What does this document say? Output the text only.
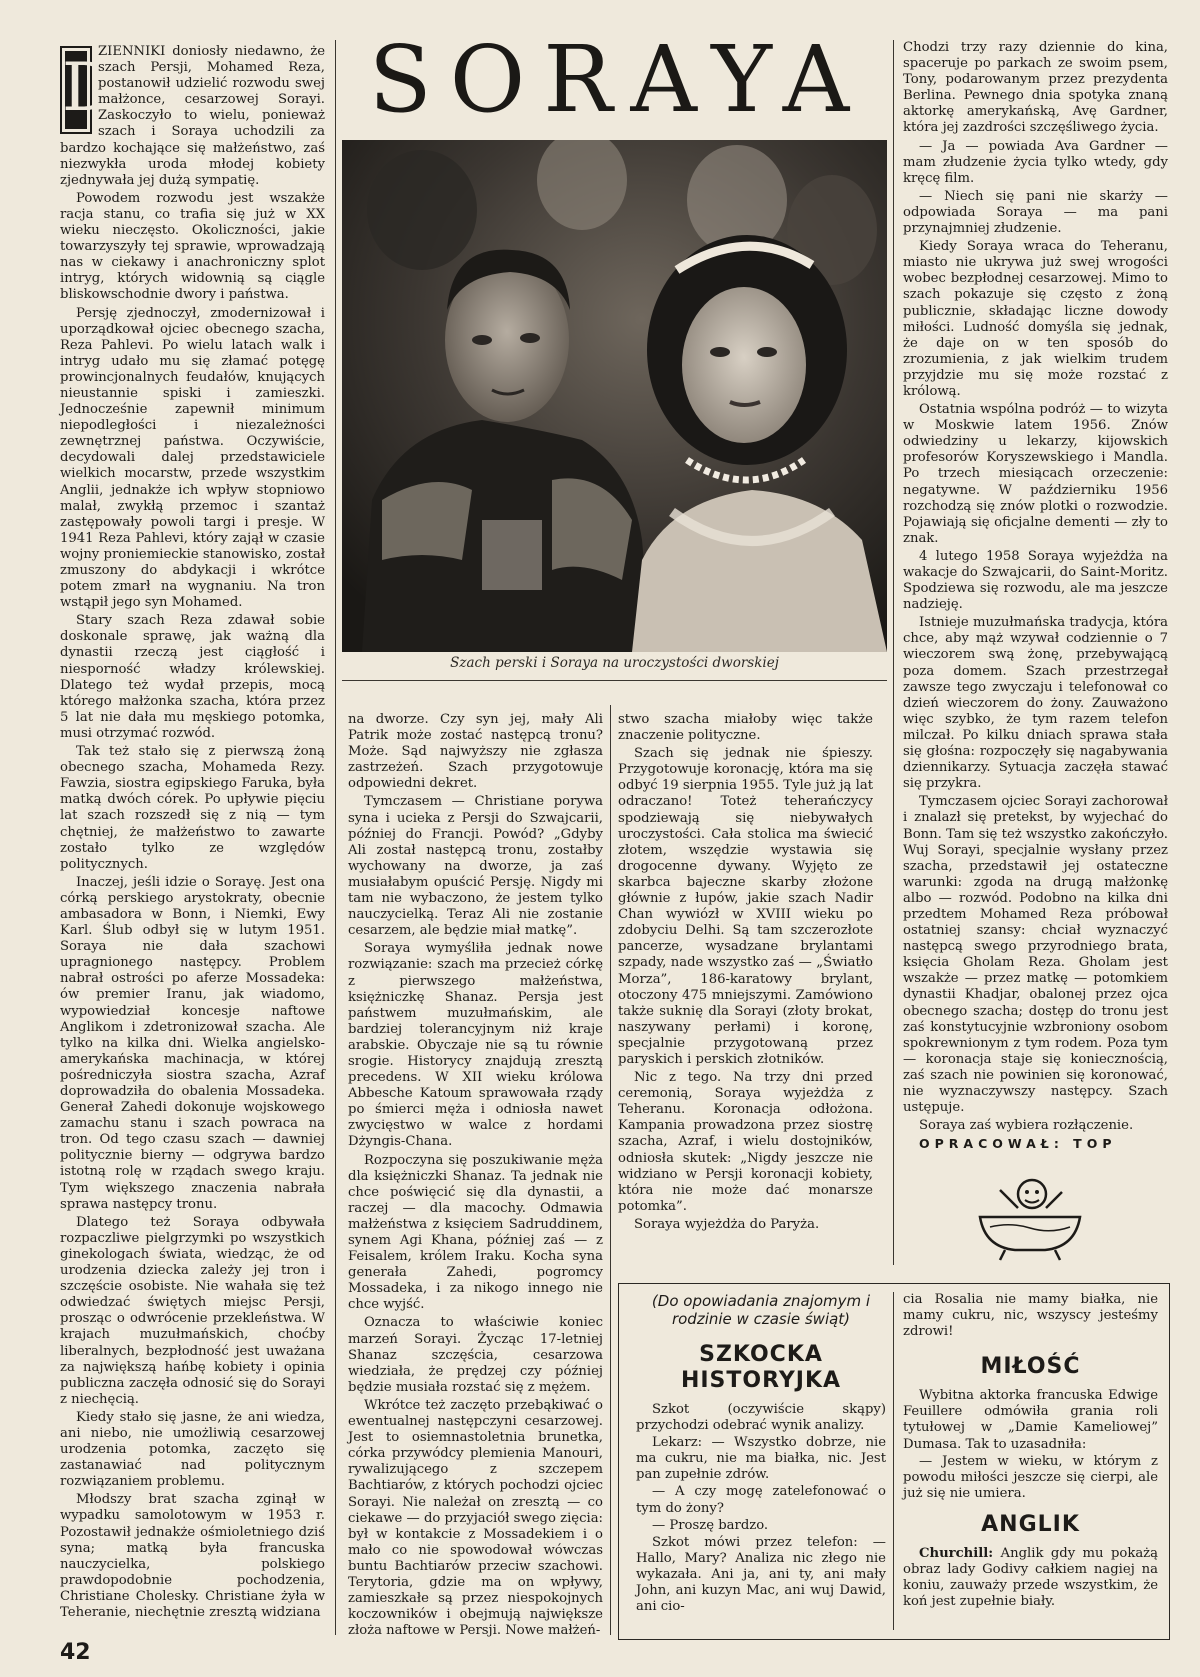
D

ZIENNIKI doniosły niedawno, że szach Persji, Mohamed Reza, postanowił udzielić rozwodu swej małżonce, cesarzowej Sorayi. Zaskoczyło to wielu, ponieważ szach i Soraya uchodzili za bardzo kochające się małżeństwo, zaś niezwykła uroda młodej kobiety zjednywała jej dużą sympatię.

Powodem rozwodu jest wszakże racja stanu, co trafia się już w XX wieku nieczęsto. Okoliczności, jakie towarzyszyły tej sprawie, wprowadzają nas w ciekawy i anachroniczny splot intryg, których widownią są ciągle bliskowschodnie dwory i państwa.

Persję zjednoczył, zmodernizował i uporządkował ojciec obecnego szacha, Reza Pahlevi. Po wielu latach walk i intryg udało mu się złamać potęgę prowincjonalnych feudałów, knujących nieustannie spiski i zamieszki. Jednocześnie zapewnił minimum niepodległości i niezależności zewnętrznej państwa. Oczywiście, decydowali dalej przedstawiciele wielkich mocarstw, przede wszystkim Anglii, jednakże ich wpływ stopniowo malał, zwykłą przemoc i szantaż zastępowały powoli targi i presje. W 1941 Reza Pahlevi, który zajął w czasie wojny proniemieckie stanowisko, został zmuszony do abdykacji i wkrótce potem zmarł na wygnaniu. Na tron wstąpił jego syn Mohamed.

Stary szach Reza zdawał sobie doskonale sprawę, jak ważną dla dynastii rzeczą jest ciągłość i niesporność władzy królewskiej. Dlatego też wydał przepis, mocą którego małżonka szacha, która przez 5 lat nie dała mu męskiego potomka, musi otrzymać rozwód.

Tak też stało się z pierwszą żoną obecnego szacha, Mohameda Rezy. Fawzia, siostra egipskiego Faruka, była matką dwóch córek. Po upływie pięciu lat szach rozszedł się z nią — tym chętniej, że małżeństwo to zawarte zostało tylko ze względów politycznych.

Inaczej, jeśli idzie o Sorayę. Jest ona córką perskiego arystokraty, obecnie ambasadora w Bonn, i Niemki, Ewy Karl. Ślub odbył się w lutym 1951. Soraya nie dała szachowi upragnionego następcy. Problem nabrał ostrości po aferze Mossadeka: ów premier Iranu, jak wiadomo, wypowiedział koncesje naftowe Anglikom i zdetronizował szacha. Ale tylko na kilka dni. Wielka angielsko-amerykańska machinacja, w której pośredniczyła siostra szacha, Azraf doprowadziła do obalenia Mossadeka. Generał Zahedi dokonuje wojskowego zamachu stanu i szach powraca na tron. Od tego czasu szach — dawniej politycznie bierny — odgrywa bardzo istotną rolę w rządach swego kraju. Tym większego znaczenia nabrała sprawa następcy tronu.

Dlatego też Soraya odbywała rozpaczliwe pielgrzymki po wszystkich ginekologach świata, wiedząc, że od urodzenia dziecka zależy jej tron i szczęście osobiste. Nie wahała się też odwiedzać świętych miejsc Persji, prosząc o odwrócenie przekleństwa. W krajach muzułmańskich, choćby liberalnych, bezpłodność jest uważana za największą hańbę kobiety i opinia publiczna zaczęła odnosić się do Sorayi z niechęcią.

Kiedy stało się jasne, że ani wiedza, ani niebo, nie umożliwią cesarzowej urodzenia potomka, zaczęto się zastanawiać nad politycznym rozwiązaniem problemu.

Młodszy brat szacha zginął w wypadku samolotowym w 1953 r. Pozostawił jednakże ośmioletniego dziś syna; matką była francuska nauczycielka, polskiego prawdopodobnie pochodzenia, Christiane Cholesky. Christiane żyła w Teheranie, niechętnie zresztą widziana

SORAYA
Szach perski i Soraya na uroczystości dworskiej

na dworze. Czy syn jej, mały Ali Patrik może zostać następcą tronu? Może. Sąd najwyższy nie zgłasza zastrzeżeń. Szach przygotowuje odpowiedni dekret.

Tymczasem — Christiane porywa syna i ucieka z Persji do Szwajcarii, później do Francji. Powód? „Gdyby Ali został następcą tronu, zostałby wychowany na dworze, ja zaś musiałabym opuścić Persję. Nigdy mi tam nie wybaczono, że jestem tylko nauczycielką. Teraz Ali nie zostanie cesarzem, ale będzie miał matkę”.

Soraya wymyśliła jednak nowe rozwiązanie: szach ma przecież córkę z pierwszego małżeństwa, księżniczkę Shanaz. Persja jest państwem muzułmańskim, ale bardziej tolerancyjnym niż kraje arabskie. Obyczaje nie są tu równie srogie. Historycy znajdują zresztą precedens. W XII wieku królowa Abbesche Katoum sprawowała rządy po śmierci męża i odniosła nawet zwycięstwo w walce z hordami Dżyngis-Chana.

Rozpoczyna się poszukiwanie męża dla księżniczki Shanaz. Ta jednak nie chce poświęcić się dla dynastii, a raczej — dla macochy. Odmawia małżeństwa z księciem Sadruddinem, synem Agi Khana, później zaś — z Feisalem, królem Iraku. Kocha syna generała Zahedi, pogromcy Mossadeka, i za nikogo innego nie chce wyjść.

Oznacza to właściwie koniec marzeń Sorayi. Życząc 17-letniej Shanaz szczęścia, cesarzowa wiedziała, że prędzej czy później będzie musiała rozstać się z mężem.

Wkrótce też zaczęto przebąkiwać o ewentualnej następczyni cesarzowej. Jest to osiemnastoletnia brunetka, córka przywódcy plemienia Manouri, rywalizującego z szczepem Bachtiarów, z których pochodzi ojciec Sorayi. Nie należał on zresztą — co ciekawe — do przyjaciół swego zięcia: był w kontakcie z Mossadekiem i o mało co nie spowodował wówczas buntu Bachtiarów przeciw szachowi. Terytoria, gdzie ma on wpływy, zamieszkałe są przez niespokojnych koczowników i obejmują największe złoża naftowe w Persji. Nowe małżeń-

stwo szacha miałoby więc także znaczenie polityczne.

Szach się jednak nie śpieszy. Przygotowuje koronację, która ma się odbyć 19 sierpnia 1955. Tyle już ją lat odraczano! Toteż teherańczycy spodziewają się niebywałych uroczystości. Cała stolica ma świecić złotem, wszędzie wystawia się drogocenne dywany. Wyjęto ze skarbca bajeczne skarby złożone głównie z łupów, jakie szach Nadir Chan wywiózł w XVIII wieku po zdobyciu Delhi. Są tam szczerozłote pancerze, wysadzane brylantami szpady, nade wszystko zaś — „Światło Morza”, 186-karatowy brylant, otoczony 475 mniejszymi. Zamówiono także suknię dla Sorayi (złoty brokat, naszywany perłami) i koronę, specjalnie przygotowaną przez paryskich i perskich złotników.

Nic z tego. Na trzy dni przed ceremonią, Soraya wyjeżdża z Teheranu. Koronacja odłożona. Kampania prowadzona przez siostrę szacha, Azraf, i wielu dostojników, odniosła skutek: „Nigdy jeszcze nie widziano w Persji koronacji kobiety, która nie może dać monarsze potomka”.

Soraya wyjeżdża do Paryża.

Chodzi trzy razy dziennie do kina, spaceruje po parkach ze swoim psem, Tony, podarowanym przez prezydenta Berlina. Pewnego dnia spotyka znaną aktorkę amerykańską, Avę Gardner, która jej zazdrości szczęśliwego życia.

— Ja — powiada Ava Gardner — mam złudzenie życia tylko wtedy, gdy kręcę film.

— Niech się pani nie skarży — odpowiada Soraya — ma pani przynajmniej złudzenie.

Kiedy Soraya wraca do Teheranu, miasto nie ukrywa już swej wrogości wobec bezpłodnej cesarzowej. Mimo to szach pokazuje się często z żoną publicznie, składając liczne dowody miłości. Ludność domyśla się jednak, że daje on w ten sposób do zrozumienia, z jak wielkim trudem przyjdzie mu się może rozstać z królową.

Ostatnia wspólna podróż — to wizyta w Moskwie latem 1956. Znów odwiedziny u lekarzy, kijowskich profesorów Koryszewskiego i Mandla. Po trzech miesiącach orzeczenie: negatywne. W październiku 1956 rozchodzą się znów plotki o rozwodzie. Pojawiają się oficjalne dementi — zły to znak.

4 lutego 1958 Soraya wyjeżdża na wakacje do Szwajcarii, do Saint-Moritz. Spodziewa się rozwodu, ale ma jeszcze nadzieję.

Istnieje muzułmańska tradycja, która chce, aby mąż wzywał codziennie o 7 wieczorem swą żonę, przebywającą poza domem. Szach przestrzegał zawsze tego zwyczaju i telefonował co dzień wieczorem do żony. Zauważono więc szybko, że tym razem telefon milczał. Po kilku dniach sprawa stała się głośna: rozpoczęły się nagabywania dziennikarzy. Sytuacja zaczęła stawać się przykra.

Tymczasem ojciec Sorayi zachorował i znalazł się pretekst, by wyjechać do Bonn. Tam się też wszystko zakończyło. Wuj Sorayi, specjalnie wysłany przez szacha, przedstawił jej ostateczne warunki: zgoda na drugą małżonkę albo — rozwód. Podobno na kilka dni przedtem Mohamed Reza próbował ostatniej szansy: chciał wyznaczyć następcą swego przyrodniego brata, księcia Gholam Reza. Gholam jest wszakże — przez matkę — potomkiem dynastii Khadjar, obalonej przez ojca obecnego szacha; dostęp do tronu jest zaś konstytucyjnie wzbroniony osobom spokrewnionym z tym rodem. Poza tym — koronacja staje się koniecznością, zaś szach nie powinien się koronować, nie wyznaczywszy następcy. Szach ustępuje.

Soraya zaś wybiera rozłączenie.

OPRACOWAŁ: TOP

(Do opowiadania znajomym i rodzinie w czasie świąt)
SZKOCKA HISTORYJKA

Szkot (oczywiście skąpy) przychodzi odebrać wynik analizy.

Lekarz: — Wszystko dobrze, nie ma cukru, nie ma białka, nic. Jest pan zupełnie zdrów.

— A czy mogę zatelefonować o tym do żony?

— Proszę bardzo.

Szkot mówi przez telefon: — Hallo, Mary? Analiza nic złego nie wykazała. Ani ja, ani ty, ani mały John, ani kuzyn Mac, ani wuj Dawid, ani cio-

cia Rosalia nie mamy białka, nie mamy cukru, nic, wszyscy jesteśmy zdrowi!

MIŁOŚĆ

Wybitna aktorka francuska Edwige Feuillere odmówiła grania roli tytułowej w „Damie Kameliowej” Dumasa. Tak to uzasadniła:

— Jestem w wieku, w którym z powodu miłości jeszcze się cierpi, ale już się nie umiera.

ANGLIK

Churchill: Anglik gdy mu pokażą obraz lady Godivy całkiem nagiej na koniu, zauważy przede wszystkim, że koń jest zupełnie biały.

42
